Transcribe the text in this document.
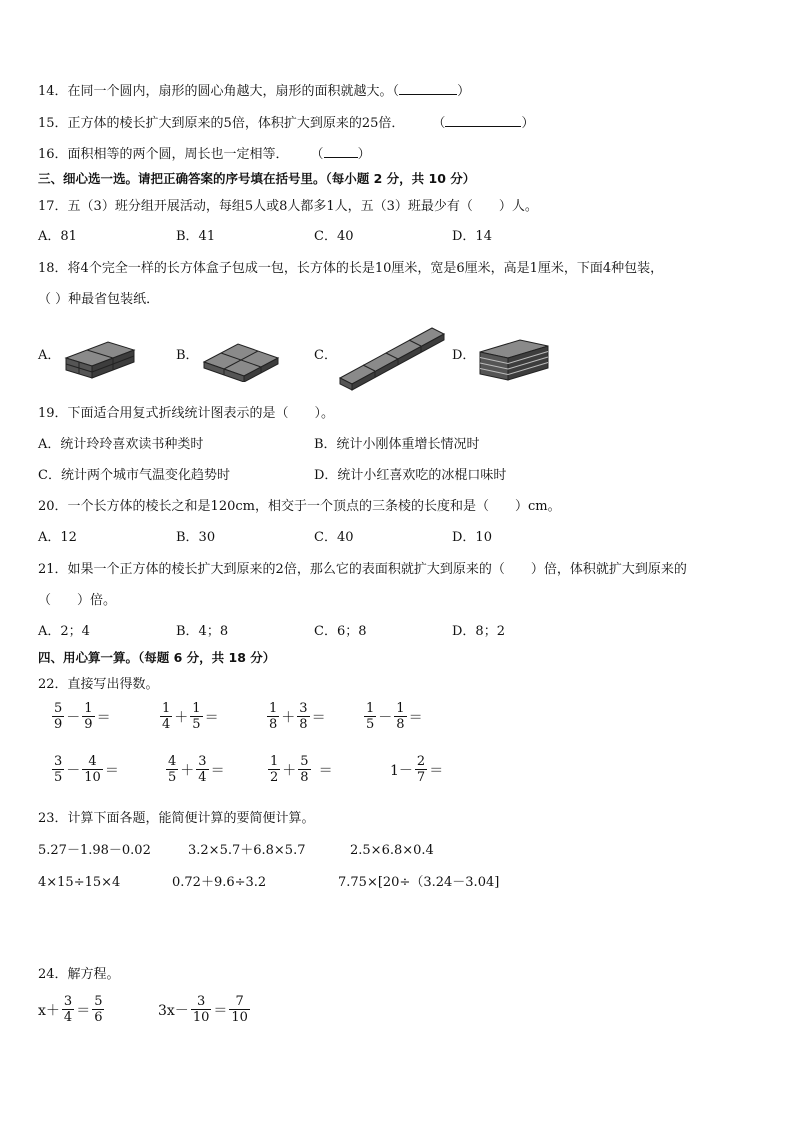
14．在同一个圆内，扇形的圆心角越大，扇形的面积就越大。（	）
15．正方体的棱长扩大到原来的5倍，体积扩大到原来的25倍． （	）
16．面积相等的两个圆，周长也一定相等． （	）
三、细心选一选。请把正确答案的序号填在括号里。（每小题 2 分，共 10 分）
17．五（3）班分组开展活动，每组5人或8人都多1人，五（3）班最少有（　　）人。
A．81	B．41	C．40	D．14
18．将4个完全一样的长方体盒子包成一包，长方体的长是10厘米，宽是6厘米，高是1厘米，下面4种包装，
（ ）种最省包装纸．
A．	B．	C．	D．
19．下面适合用复式折线统计图表示的是（　　）。
A．统计玲玲喜欢读书种类时	B．统计小刚体重增长情况时
C．统计两个城市气温变化趋势时	D．统计小红喜欢吃的冰棍口味时
20．一个长方体的棱长之和是120cm，相交于一个顶点的三条棱的长度和是（　　）cm。
A．12	B．30	C．40	D．10
21．如果一个正方体的棱长扩大到原来的2倍，那么它的表面积就扩大到原来的（　　）倍，体积就扩大到原来的
（　　）倍。
A．2；4	B．4；8	C．6；8	D．8；2
四、用心算一算。（每题 6 分，共 18 分）
22．直接写出得数。
$\frac{5}{9} - \frac{1}{9}$ ＝	$\frac{1}{4} + \frac{1}{5}$ ＝	$\frac{1}{8} + \frac{3}{8}$ ＝	$\frac{1}{5} - \frac{1}{8}$ ＝
$\frac{3}{5} - \frac{4}{10}$ ＝	$\frac{4}{5} + \frac{3}{4}$ ＝	$\frac{1}{2} + \frac{5}{8}$ ＝	$1- \frac{2}{7}$ ＝
23．计算下面各题，能简便计算的要简便计算。
5.27－1.98－0.02	3.2×5.7＋6.8×5.7	2.5×6.8×0.4
4×15÷15×4	0.72＋9.6÷3.2	7.75×[20÷（3.24－3.04]
24．解方程。
$x+ \frac{3}{4} = \frac{5}{6}$	$3x- \frac{3}{10} = \frac{7}{10}$
